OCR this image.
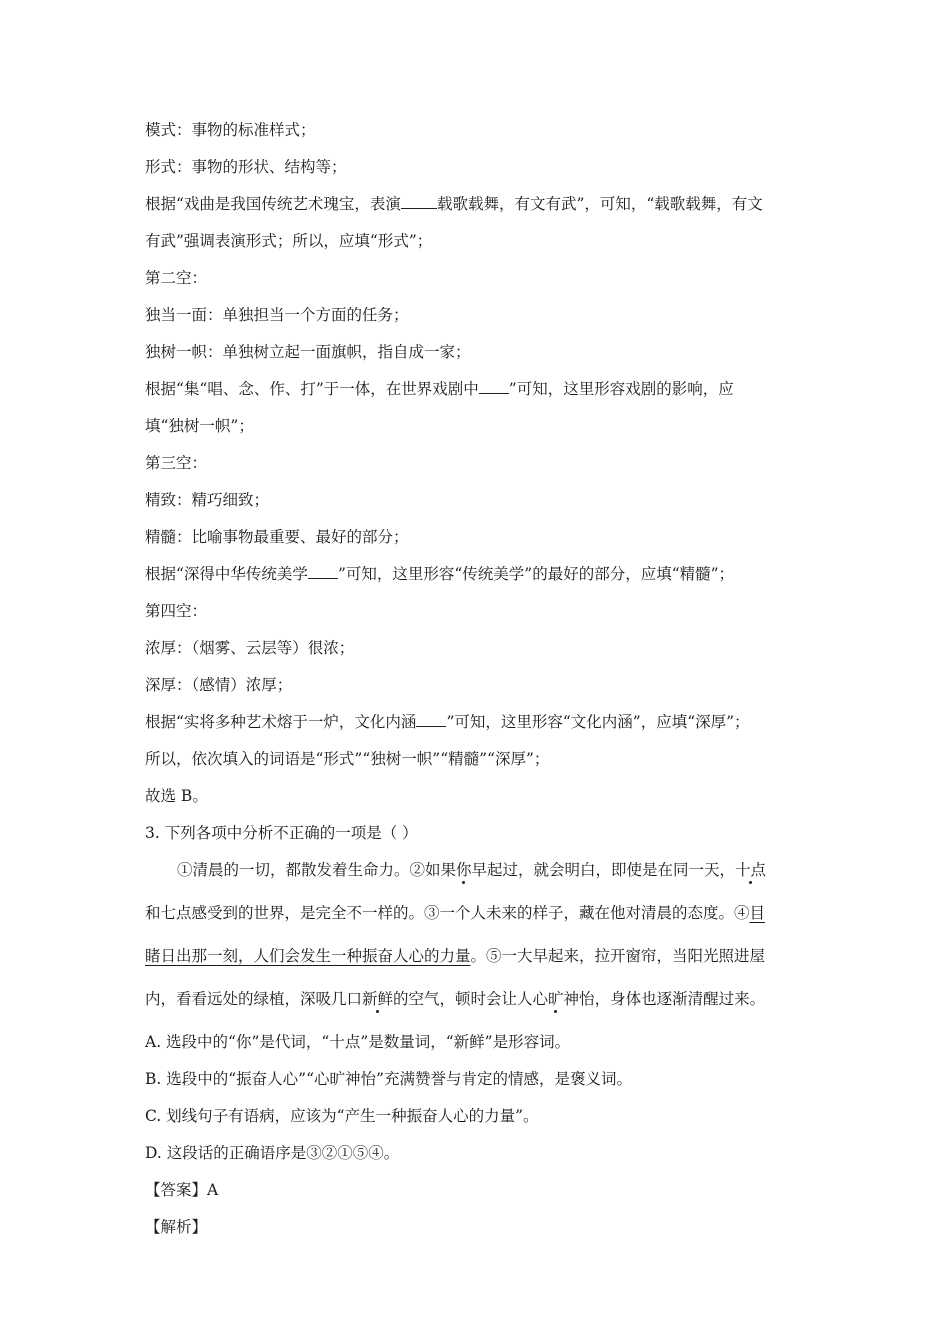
模式：事物的标准样式；

形式：事物的形状、结构等；

根据“戏曲是我国传统艺术瑰宝，表演 载歌载舞，有文有武”，可知，“载歌载舞，有文

有武”强调表演形式；所以，应填“形式”；

第二空：

独当一面：单独担当一个方面的任务；

独树一帜：单独树立起一面旗帜，指自成一家；

根据“集“唱、念、作、打”于一体，在世界戏剧中 ”可知，这里形容戏剧的影响，应

填“独树一帜”；

第三空：

精致：精巧细致；

精髓：比喻事物最重要、最好的部分；

根据“深得中华传统美学 ”可知，这里形容“传统美学”的最好的部分，应填“精髓”；

第四空：

浓厚：（烟雾、云层等）很浓；

深厚：（感情）浓厚；

根据“实将多种艺术熔于一炉，文化内涵 ”可知，这里形容“文化内涵”，应填“深厚”；

所以，依次填入的词语是“形式”“独树一帜”“精髓”“深厚”；

故选 B。

3. 下列各项中分析不正确的一项是（ ）

①清晨的一切，都散发着生命力。②如果你早起过，就会明白，即使是在同一天，十点
和七点感受到的世界，是完全不一样的。③一个人未来的样子，藏在他对清晨的态度。④目
睹日出那一刻，人们会发生一种振奋人心的力量。⑤一大早起来，拉开窗帘，当阳光照进屋
内，看看远处的绿植，深吸几口新鲜的空气，顿时会让人心旷神怡，身体也逐渐清醒过来。

A. 选段中的“你”是代词，“十点”是数量词，“新鲜”是形容词。

B. 选段中的“振奋人心”“心旷神怡”充满赞誉与肯定的情感，是褒义词。

C. 划线句子有语病，应该为“产生一种振奋人心的力量”。

D. 这段话的正确语序是③②①⑤④。

【答案】A

【解析】
